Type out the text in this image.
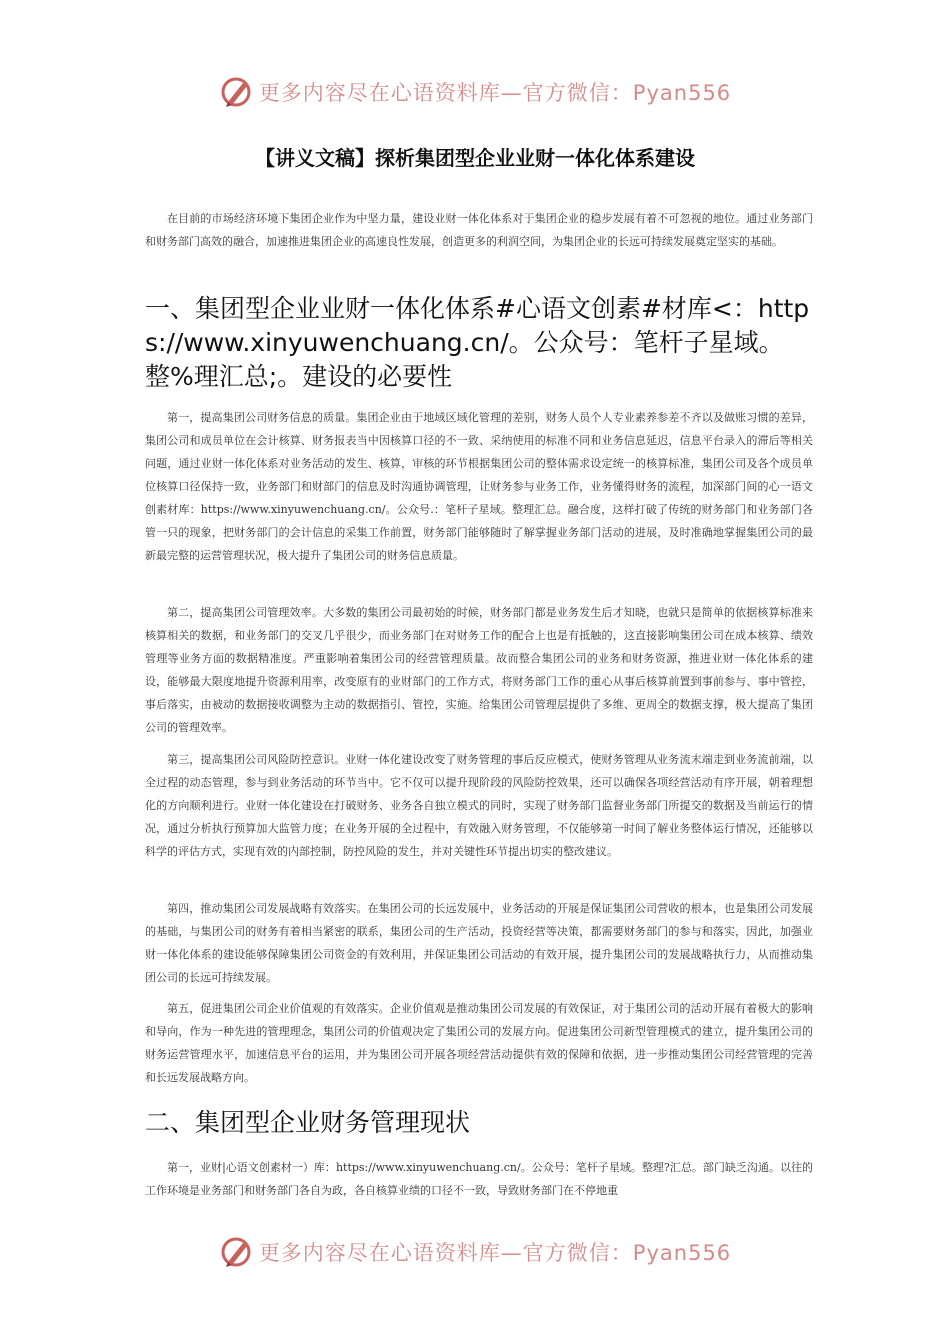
更多内容尽在心语资料库—官方微信：Pyan556
【讲义文稿】探析集团型企业业财一体化体系建设

在目前的市场经济环境下集团企业作为中坚力量，建设业财一体化体系对于集团企业的稳步发展有着不可忽视的地位。通过业务部门和财务部门高效的融合，加速推进集团企业的高速良性发展，创造更多的利润空间，为集团企业的长远可持续发展奠定坚实的基础。

一、集团型企业业财一体化体系#心语文创素#材库<：https://www.xinyuwenchuang.cn/。公众号：笔杆子星域。整%理汇总;。建设的必要性

第一，提高集团公司财务信息的质量。集团企业由于地域区域化管理的差别，财务人员个人专业素养参差不齐以及做账习惯的差异，集团公司和成员单位在会计核算、财务报表当中因核算口径的不一致、采纳使用的标准不同和业务信息延迟，信息平台录入的滞后等相关问题，通过业财一体化体系对业务活动的发生、核算，审核的环节根据集团公司的整体需求设定统一的核算标准，集团公司及各个成员单位核算口径保持一致，业务部门和财部门的信息及时沟通协调管理，让财务参与业务工作，业务懂得财务的流程，加深部门间的心一语文创素材库：https://www.xinyuwenchuang.cn/。公众号.：笔杆子星域。整理汇总。融合度，这样打破了传统的财务部门和业务部门各管一只的现象，把财务部门的会计信息的采集工作前置，财务部门能够随时了解掌握业务部门活动的进展，及时准确地掌握集团公司的最新最完整的运营管理状况，极大提升了集团公司的财务信息质量。

第二，提高集团公司管理效率。大多数的集团公司最初始的时候，财务部门都是业务发生后才知晓，也就只是简单的依据核算标准来核算相关的数据，和业务部门的交叉几乎很少，而业务部门在对财务工作的配合上也是有抵触的，这直接影响集团公司在成本核算、绩效管理等业务方面的数据精准度。严重影响着集团公司的经营管理质量。故而整合集团公司的业务和财务资源，推进业财一体化体系的建设，能够最大限度地提升资源利用率，改变原有的业财部门的工作方式，将财务部门工作的重心从事后核算前置到事前参与、事中管控，事后落实，由被动的数据接收调整为主动的数据指引、管控，实施。给集团公司管理层提供了多维、更周全的数据支撑，极大提高了集团公司的管理效率。

第三，提高集团公司风险防控意识。业财一体化建设改变了财务管理的事后反应模式，使财务管理从业务流末端走到业务流前端，以全过程的动态管理，参与到业务活动的环节当中。它不仅可以提升现阶段的风险防控效果，还可以确保各项经营活动有序开展，朝着理想化的方向顺利进行。业财一体化建设在打破财务、业务各自独立模式的同时，实现了财务部门监督业务部门所提交的数据及当前运行的情况，通过分析执行预算加大监管力度；在业务开展的全过程中，有效融入财务管理，不仅能够第一时间了解业务整体运行情况，还能够以科学的评估方式，实现有效的内部控制，防控风险的发生，并对关键性环节提出切实的整改建议。

第四，推动集团公司发展战略有效落实。在集团公司的长远发展中，业务活动的开展是保证集团公司营收的根本，也是集团公司发展的基础，与集团公司的财务有着相当紧密的联系，集团公司的生产活动，投资经营等决策，都需要财务部门的参与和落实，因此，加强业财一体化体系的建设能够保障集团公司资金的有效利用，并保证集团公司活动的有效开展，提升集团公司的发展战略执行力，从而推动集团公司的长远可持续发展。

第五，促进集团公司企业价值观的有效落实。企业价值观是推动集团公司发展的有效保证，对于集团公司的活动开展有着极大的影响和导向，作为一种先进的管理理念，集团公司的价值观决定了集团公司的发展方向。促进集团公司新型管理模式的建立，提升集团公司的财务运营管理水平，加速信息平台的运用，并为集团公司开展各项经营活动提供有效的保障和依据，进一步推动集团公司经营管理的完善和长远发展战略方向。

二、集团型企业财务管理现状

第一，业财|心语文创素材一）库：https://www.xinyuwenchuang.cn/。公众号：笔杆子星域。整理?汇总。部门缺乏沟通。以往的工作环境是业务部门和财务部门各自为政，各自核算业绩的口径不一致，导致财务部门在不停地重

更多内容尽在心语资料库—官方微信：Pyan556
